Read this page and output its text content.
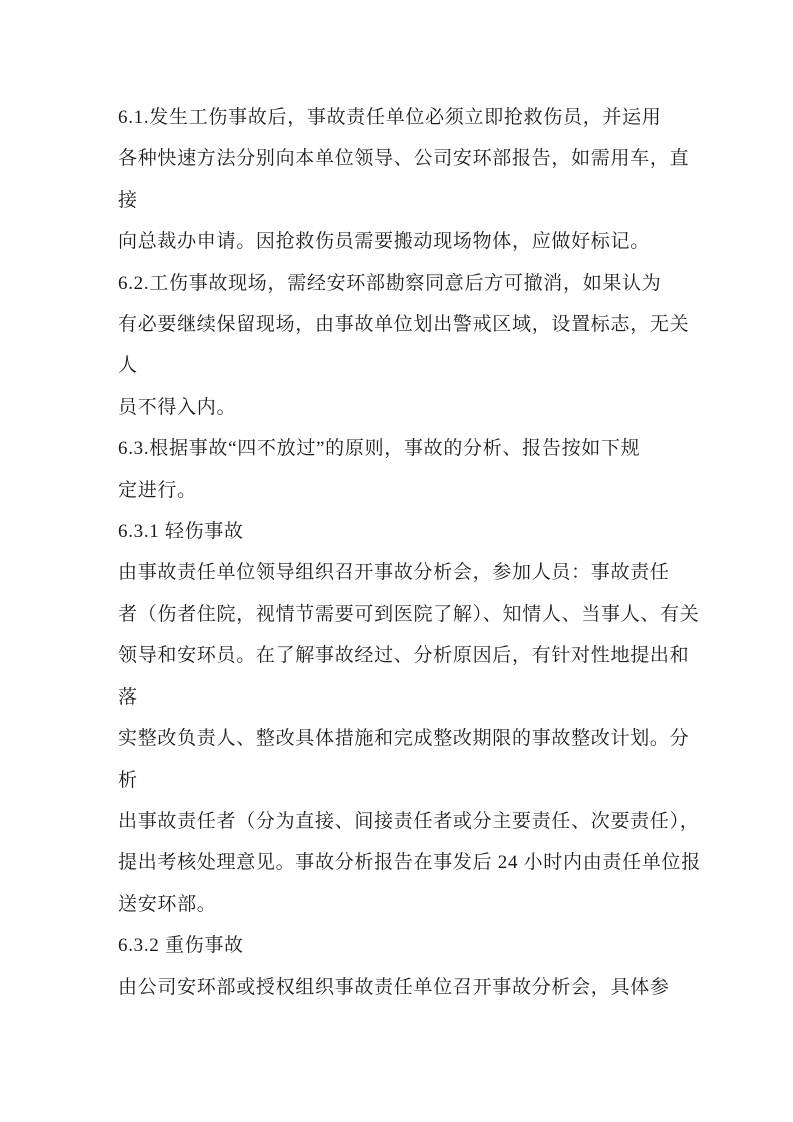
6.1.发生工伤事故后，事故责任单位必须立即抢救伤员，并运用

各种快速方法分别向本单位领导、公司安环部报告，如需用车，直

接

向总裁办申请。因抢救伤员需要搬动现场物体，应做好标记。

6.2.工伤事故现场，需经安环部勘察同意后方可撤消，如果认为

有必要继续保留现场，由事故单位划出警戒区域，设置标志，无关

人

员不得入内。

6.3.根据事故“四不放过”的原则，事故的分析、报告按如下规

定进行。

6.3.1 轻伤事故

由事故责任单位领导组织召开事故分析会，参加人员：事故责任

者（伤者住院，视情节需要可到医院了解）、知情人、当事人、有关

领导和安环员。在了解事故经过、分析原因后，有针对性地提出和

落

实整改负责人、整改具体措施和完成整改期限的事故整改计划。分

析

出事故责任者（分为直接、间接责任者或分主要责任、次要责任），

提出考核处理意见。事故分析报告在事发后 24 小时内由责任单位报

送安环部。

6.3.2 重伤事故

由公司安环部或授权组织事故责任单位召开事故分析会，具体参
